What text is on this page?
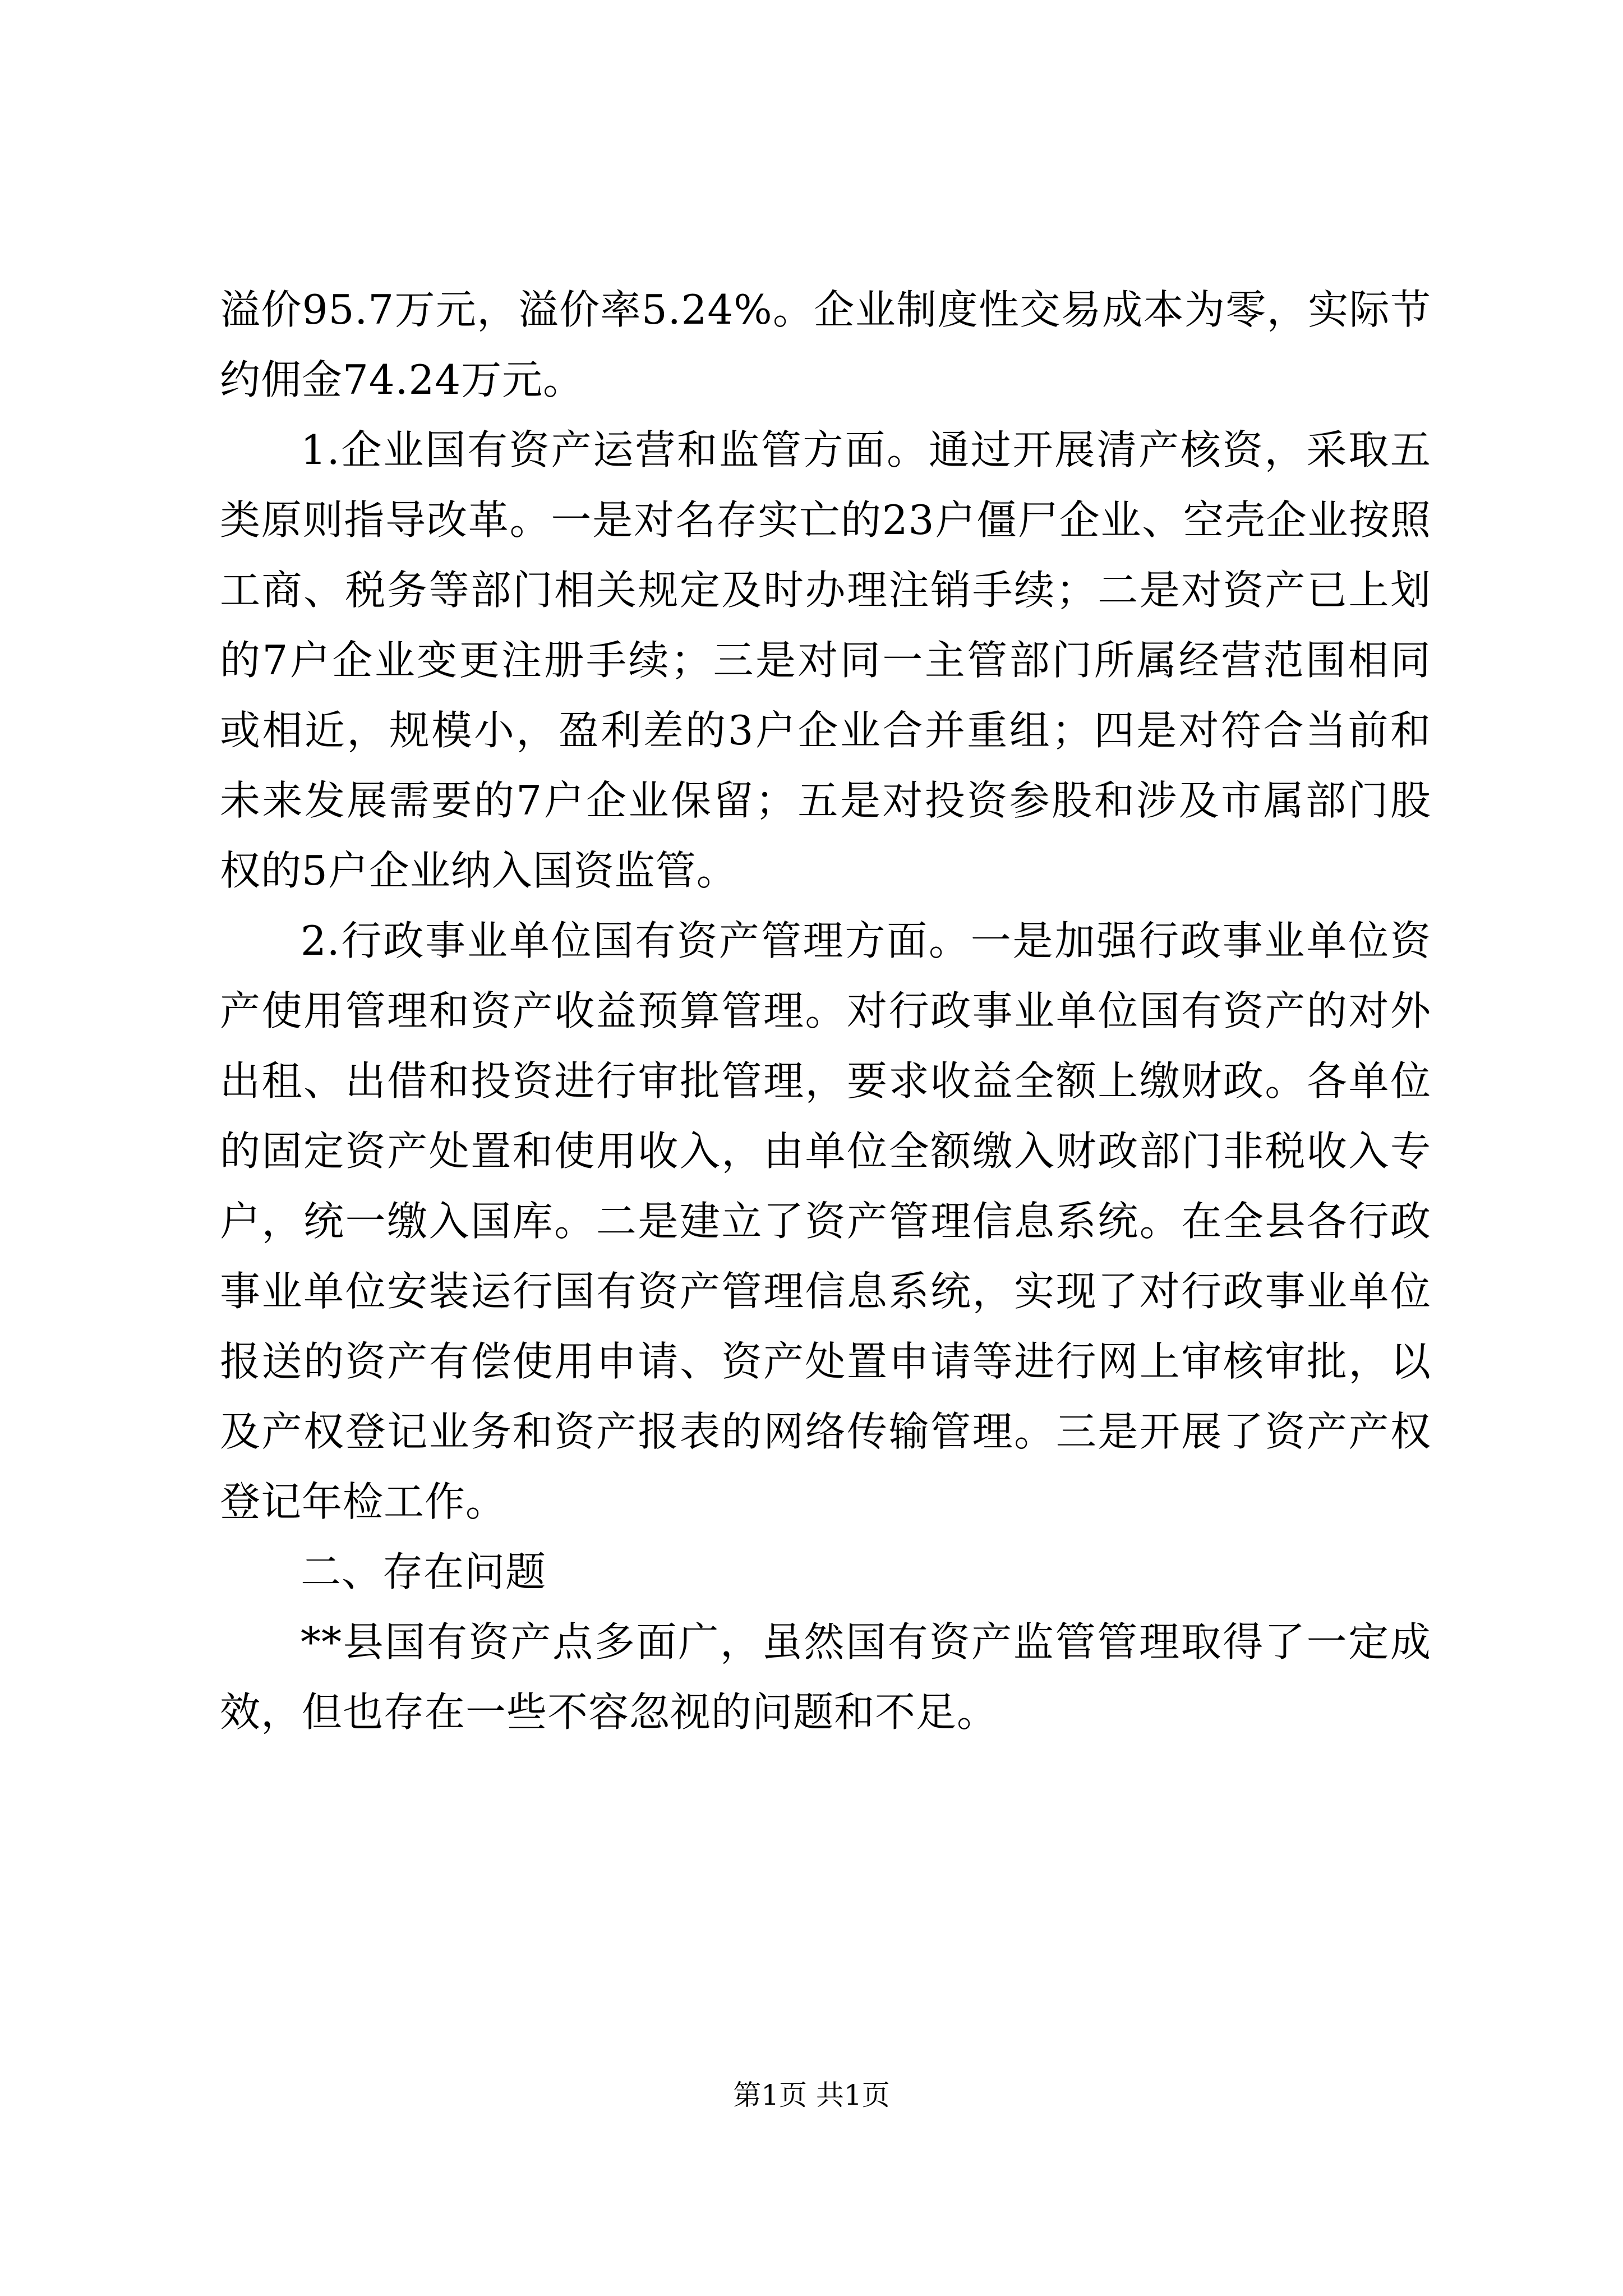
溢价95.7万元，溢价率5.24%。企业制度性交易成本为零，实际节约佣金74.24万元。

1.企业国有资产运营和监管方面。通过开展清产核资，采取五类原则指导改革。一是对名存实亡的23户僵尸企业、空壳企业按照工商、税务等部门相关规定及时办理注销手续；二是对资产已上划的7户企业变更注册手续；三是对同一主管部门所属经营范围相同或相近，规模小，盈利差的3户企业合并重组；四是对符合当前和未来发展需要的7户企业保留；五是对投资参股和涉及市属部门股权的5户企业纳入国资监管。

2.行政事业单位国有资产管理方面。一是加强行政事业单位资产使用管理和资产收益预算管理。对行政事业单位国有资产的对外出租、出借和投资进行审批管理，要求收益全额上缴财政。各单位的固定资产处置和使用收入，由单位全额缴入财政部门非税收入专户，统一缴入国库。二是建立了资产管理信息系统。在全县各行政事业单位安装运行国有资产管理信息系统，实现了对行政事业单位报送的资产有偿使用申请、资产处置申请等进行网上审核审批，以及产权登记业务和资产报表的网络传输管理。三是开展了资产产权登记年检工作。

二、存在问题

**县国有资产点多面广，虽然国有资产监管管理取得了一定成效，但也存在一些不容忽视的问题和不足。

第1页 共1页
